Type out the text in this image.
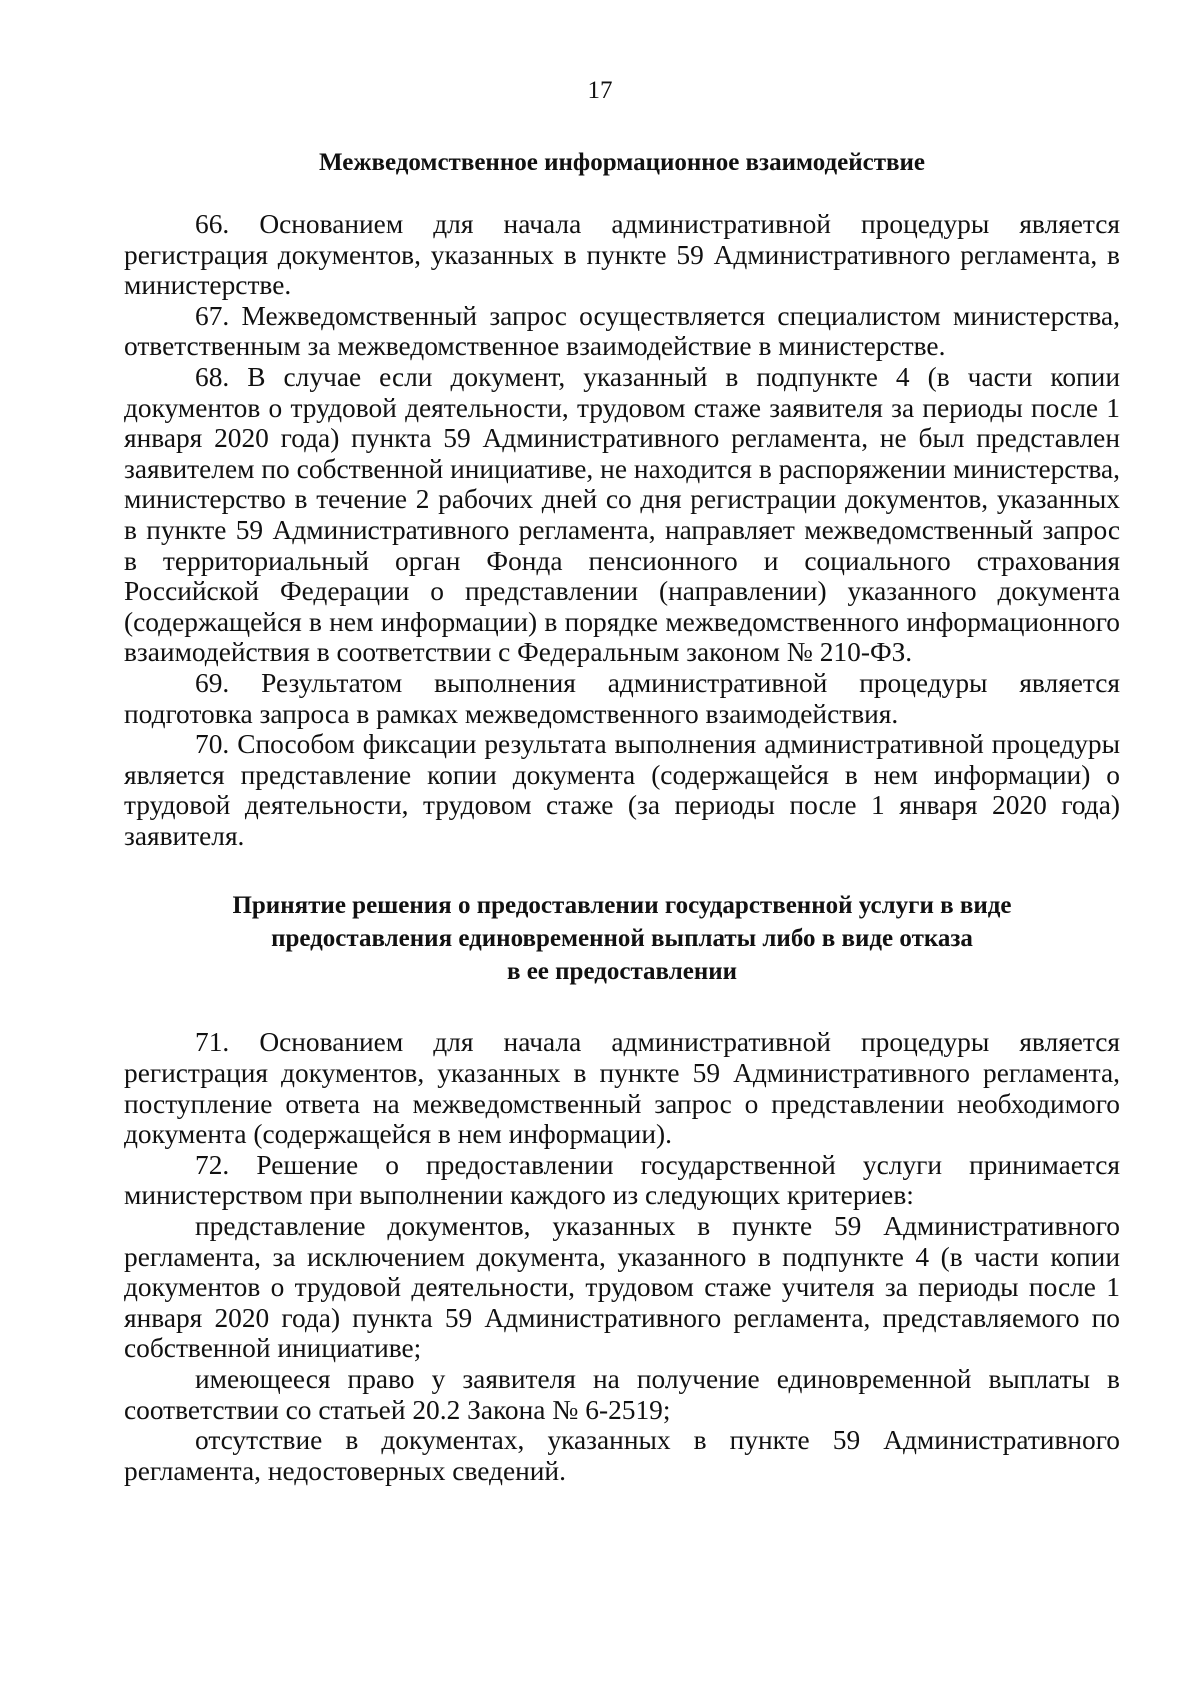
17
Межведомственное информационное взаимодействие

66. Основанием для начала административной процедуры является регистрация документов, указанных в пункте 59 Административного регламента, в министерстве.

67. Межведомственный запрос осуществляется специалистом министерства, ответственным за межведомственное взаимодействие в министерстве.

68. В случае если документ, указанный в подпункте 4 (в части копии документов о трудовой деятельности, трудовом стаже заявителя за периоды после 1 января 2020 года) пункта 59 Административного регламента, не был представлен заявителем по собственной инициативе, не находится в распоряжении министерства, министерство в течение 2 рабочих дней со дня регистрации документов, указанных в пункте 59 Административного регламента, направляет межведомственный запрос в территориальный орган Фонда пенсионного и социального страхования Российской Федерации о представлении (направлении) указанного документа (содержащейся в нем информации) в порядке межведомственного информационного взаимодействия в соответствии с Федеральным законом № 210-ФЗ.

69. Результатом выполнения административной процедуры является подготовка запроса в рамках межведомственного взаимодействия.

70. Способом фиксации результата выполнения административной процедуры является представление копии документа (содержащейся в нем информации) о трудовой деятельности, трудовом стаже (за периоды после 1 января 2020 года) заявителя.

Принятие решения о предоставлении государственной услуги в виде
предоставления единовременной выплаты либо в виде отказа
в ее предоставлении

71. Основанием для начала административной процедуры является регистрация документов, указанных в пункте 59 Административного регламента, поступление ответа на межведомственный запрос о представлении необходимого документа (содержащейся в нем информации).

72. Решение о предоставлении государственной услуги принимается министерством при выполнении каждого из следующих критериев:

представление документов, указанных в пункте 59 Административного регламента, за исключением документа, указанного в подпункте 4 (в части копии документов о трудовой деятельности, трудовом стаже учителя за периоды после 1 января 2020 года) пункта 59 Административного регламента, представляемого по собственной инициативе;

имеющееся право у заявителя на получение единовременной выплаты в соответствии со статьей 20.2 Закона № 6-2519;

отсутствие в документах, указанных в пункте 59 Административного регламента, недостоверных сведений.
